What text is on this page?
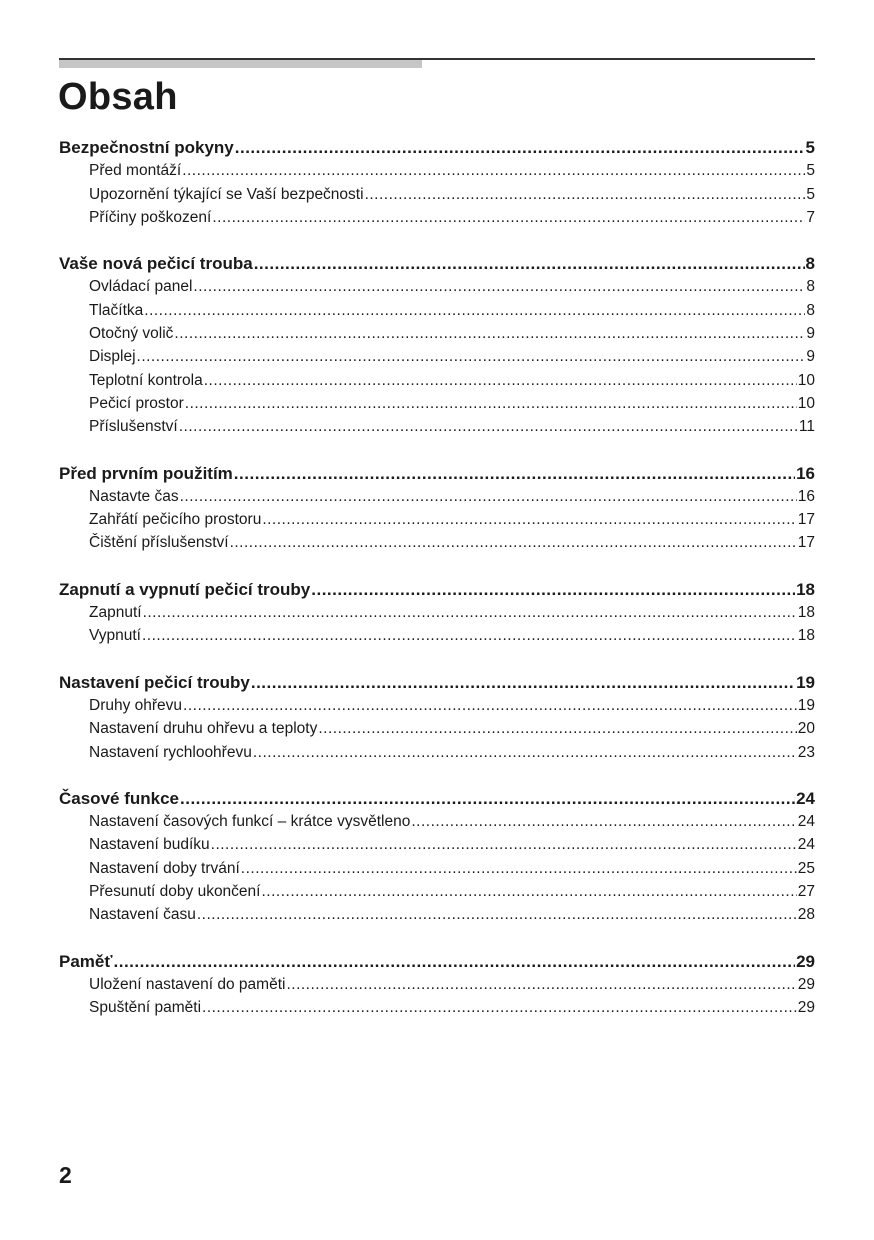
Obsah
Bezpečnostní pokyny .....	5
Před montáží .....	5
Upozornění týkající se Vaší bezpečnosti .....	5
Příčiny poškození .....	7
Vaše nová pečicí trouba .....	8
Ovládací panel .....	8
Tlačítka .....	8
Otočný volič .....	9
Displej .....	9
Teplotní kontrola .....	10
Pečicí prostor .....	10
Příslušenství .....	11
Před prvním použitím .....	16
Nastavte čas .....	16
Zahřátí pečicího prostoru .....	17
Čištění příslušenství .....	17
Zapnutí a vypnutí pečicí trouby .....	18
Zapnutí .....	18
Vypnutí .....	18
Nastavení pečicí trouby .....	19
Druhy ohřevu .....	19
Nastavení druhu ohřevu a teploty .....	20
Nastavení rychloohřevu .....	23
Časové funkce .....	24
Nastavení časových funkcí – krátce vysvětleno .....	24
Nastavení budíku .....	24
Nastavení doby trvání .....	25
Přesunutí doby ukončení .....	27
Nastavení času .....	28
Paměť .....	29
Uložení nastavení do paměti .....	29
Spuštění paměti .....	29
2
